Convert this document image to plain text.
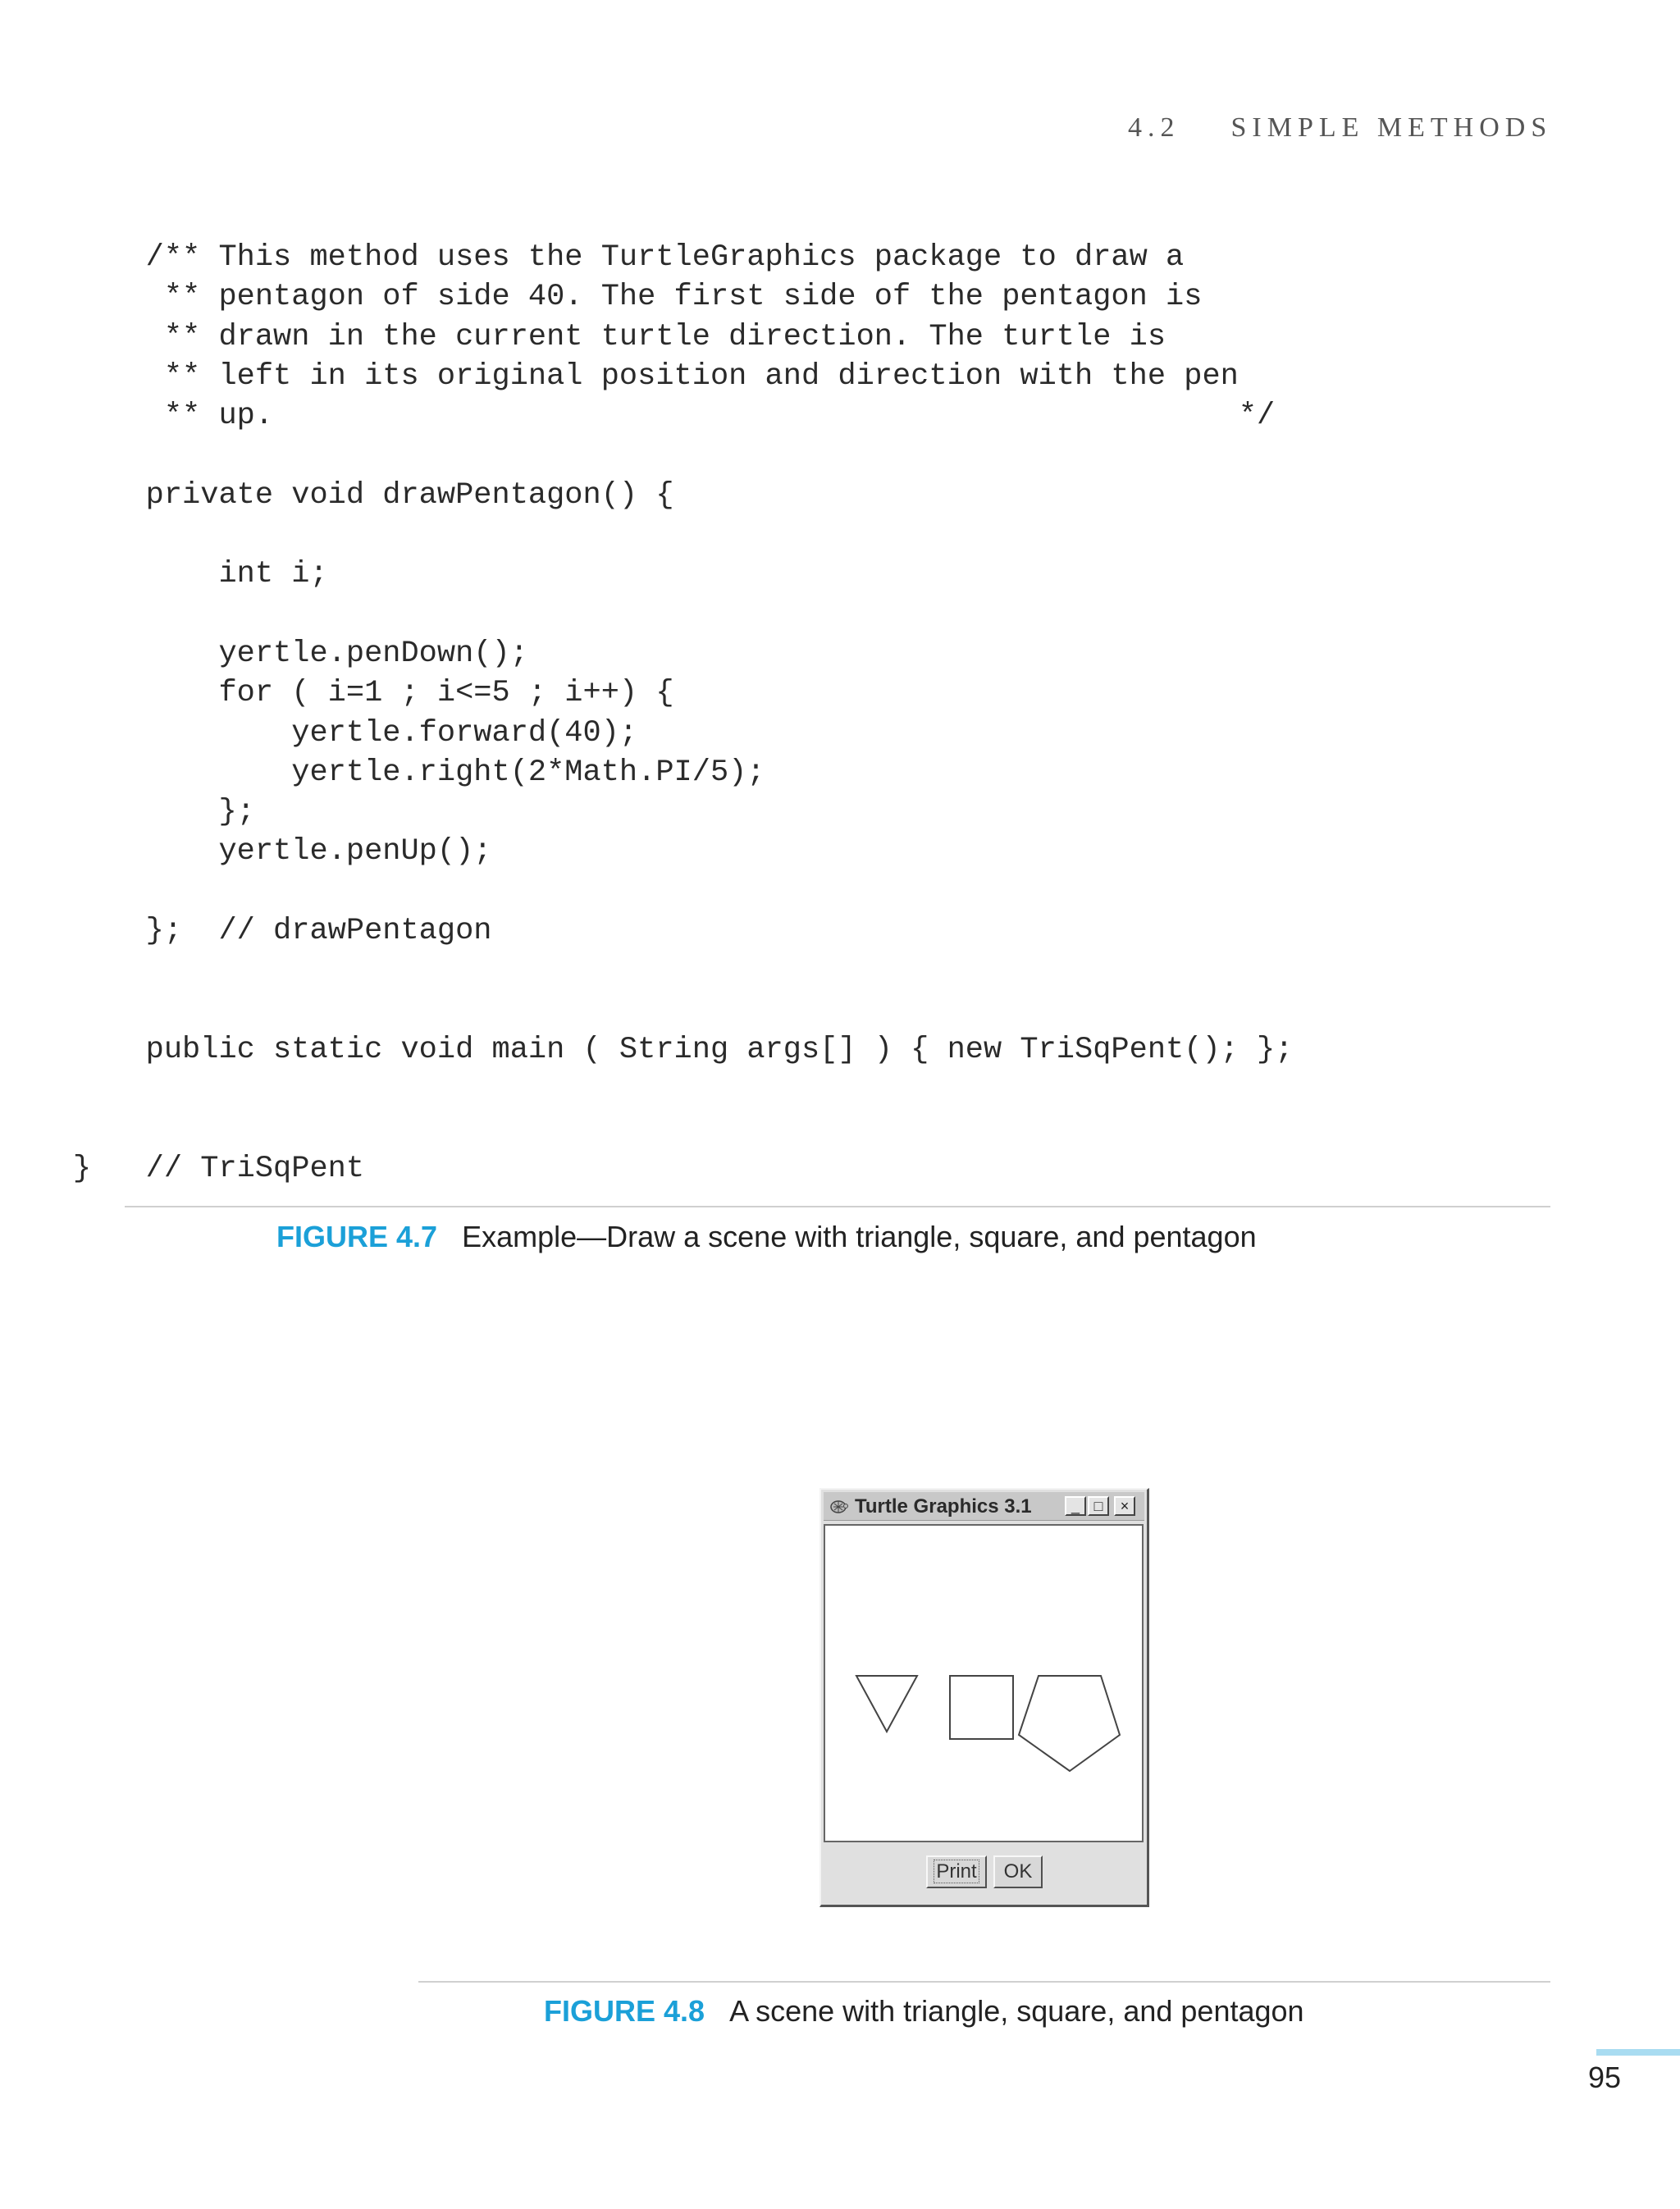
4.2 SIMPLE METHODS
/** This method uses the TurtleGraphics package to draw a
** pentagon of side 40. The first side of the pentagon is
** drawn in the current turtle direction. The turtle is
** left in its original position and direction with the pen
** up.                                                     */
private void drawPentagon() {
int i;
yertle.penDown();
for ( i=1 ; i<=5 ; i++) {
yertle.forward(40);
yertle.right(2*Math.PI/5);
};
yertle.penUp();
};  // drawPentagon
public static void main ( String args[] ) { new TriSqPent(); };
}   // TriSqPent
FIGURE 4.7 Example—Draw a scene with triangle, square, and pentagon
Turtle Graphics 3.1	_ □	×
Print	OK
FIGURE 4.8 A scene with triangle, square, and pentagon
95
